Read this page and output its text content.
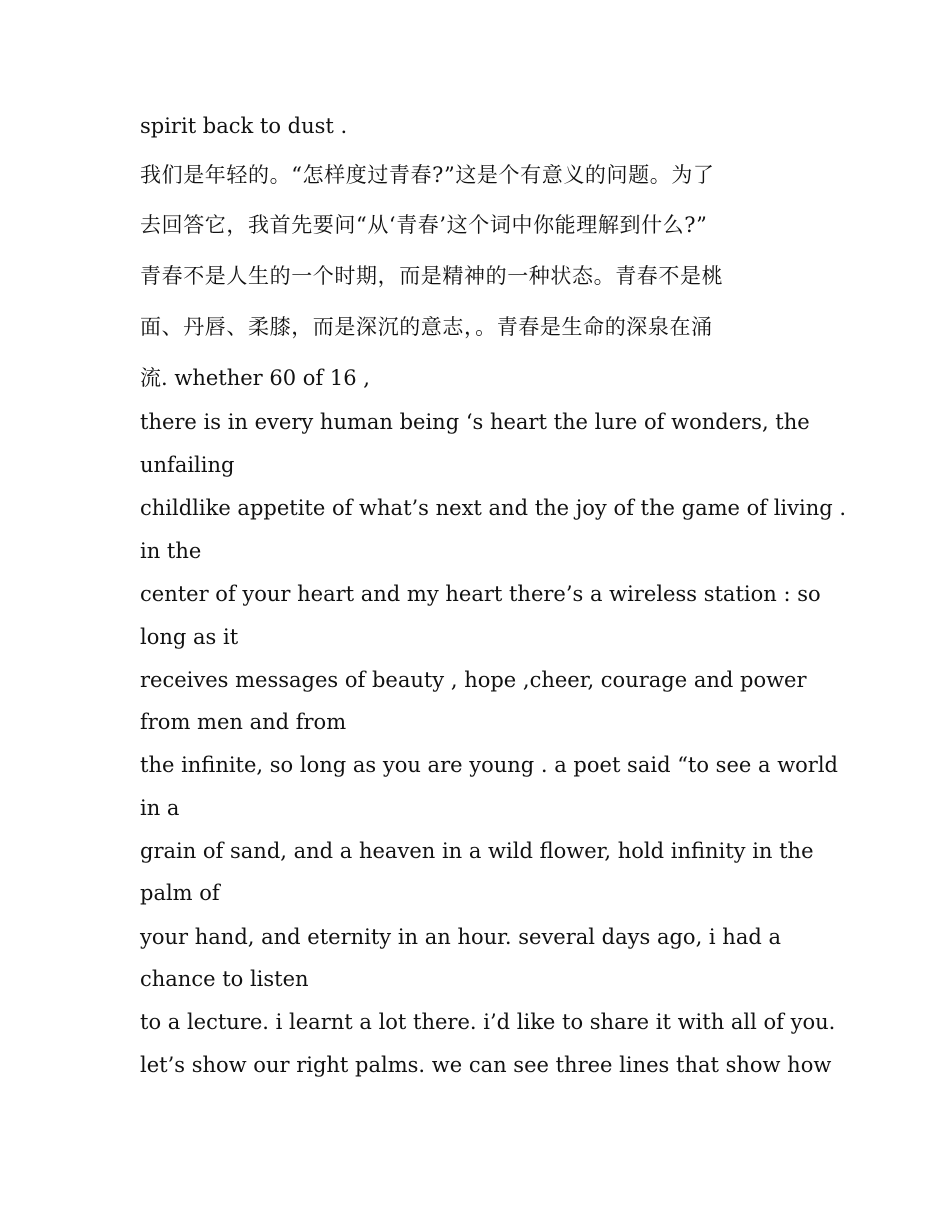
spirit back to dust .
我们是年轻的。“怎样度过青春?”这是个有意义的问题。为了
去回答它，我首先要问“从‘青春’这个词中你能理解到什么?”
青春不是人生的一个时期，而是精神的一种状态。青春不是桃
面、丹唇、柔膝，而是深沉的意志，。青春是生命的深泉在涌
流. whether 60 of 16 ,
there is in every human being ‘s heart the lure of wonders, the
unfailing
childlike appetite of what’s next and the joy of the game of living .
in the
center of your heart and my heart there’s a wireless station : so
long as it
receives messages of beauty , hope ,cheer, courage and power
from men and from
the infinite, so long as you are young . a poet said “to see a world
in a
grain of sand, and a heaven in a wild flower, hold infinity in the
palm of
your hand, and eternity in an hour. several days ago, i had a
chance to listen
to a lecture. i learnt a lot there. i’d like to share it with all of you.
let’s show our right palms. we can see three lines that show how
